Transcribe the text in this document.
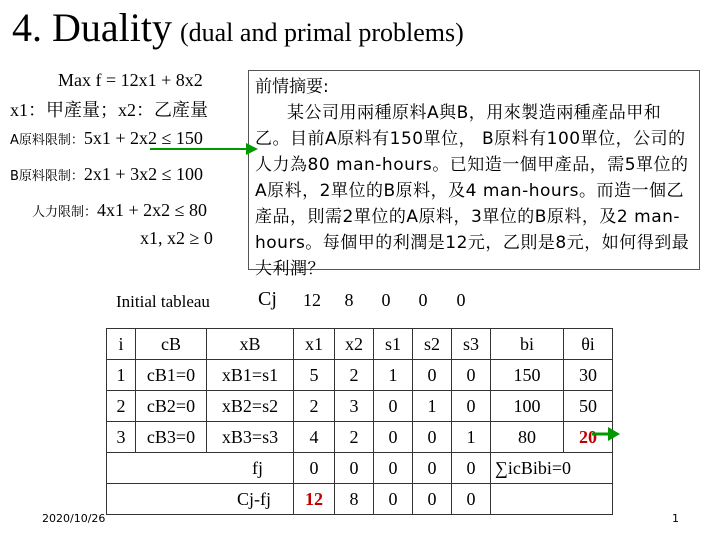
4. Duality (dual and primal problems)
Max f = 12x1 + 8x2
x1：甲產量；x2：乙產量
A原料限制：5x1 + 2x2 ≤ 150
B原料限制：2x1 + 3x2 ≤ 100
人力限制：4x1 + 2x2 ≤ 80
x1, x2 ≥ 0
前情摘要:
某公司用兩種原料A與B，用來製造兩種產品甲和乙。目前A原料有150單位， B原料有100單位，公司的人力為80 man-hours。已知造一個甲產品，需5單位的A原料，2單位的B原料，及4 man-hours。而造一個乙產品，則需2單位的A原料，3單位的B原料，及2 man-hours。每個甲的利潤是12元，乙則是8元，如何得到最大利潤？
Initial tableau Cj	12	8	0	0	0
i	cB	xB	x1	x2	s1	s2	s3	bi	θi
1	cB1=0	xB1=s1	5	2	1	0	0	150	30
2	cB2=0	xB2=s2	2	3	0	1	0	100	50
3	cB3=0	xB3=s3	4	2	0	0	1	80	20
fj			0	0	0	0	0	∑icBibi=0	
Cj-fj			12	8	0	0	0		
2020/10/26	1
